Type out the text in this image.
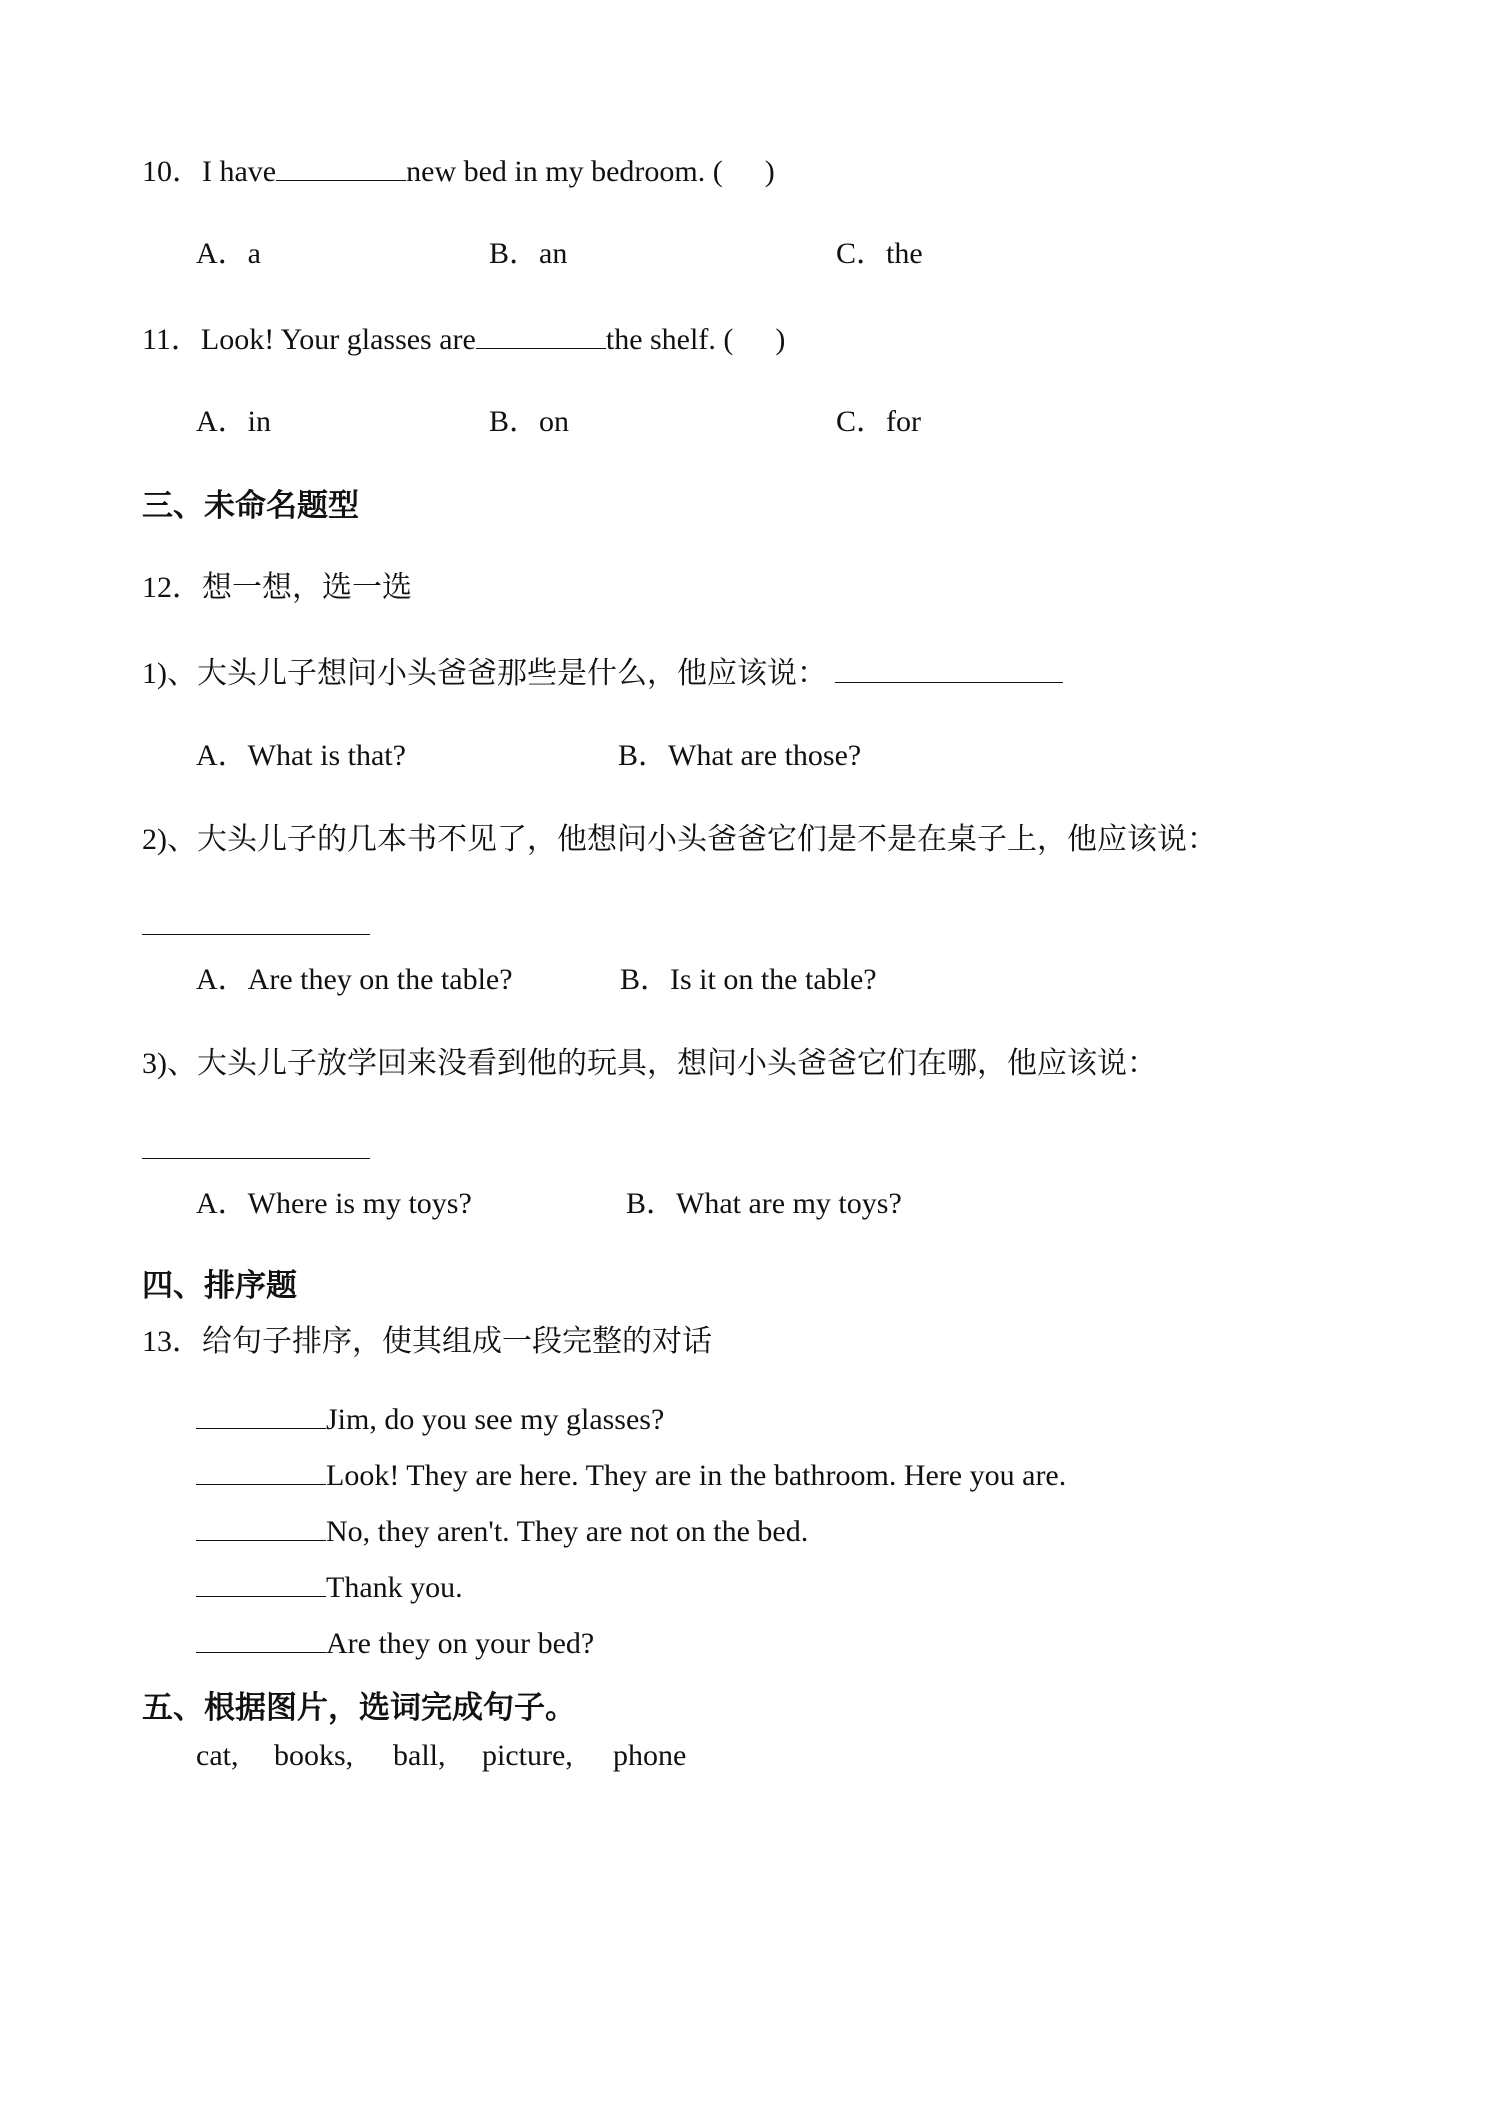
10．I have	new bed in my bedroom. ( )
A．a	B．an	C．the
11．Look! Your glasses are	the shelf. ( )
A．in	B．on	C．for
三、未命名题型
12．想一想，选一选
1)、大头儿子想问小头爸爸那些是什么，他应该说：
A．What is that?	B．What are those?
2)、大头儿子的几本书不见了，他想问小头爸爸它们是不是在桌子上，他应该说：
A．Are they on the table?	B．Is it on the table?
3)、大头儿子放学回来没看到他的玩具，想问小头爸爸它们在哪，他应该说：
A．Where is my toys?	B．What are my toys?
四、排序题
13．给句子排序，使其组成一段完整的对话
Jim, do you see my glasses?
Look! They are here. They are in the bathroom. Here you are.
No, they aren't. They are not on the bed.
Thank you.
Are they on your bed?
五、根据图片，选词完成句子。
cat, books, ball, picture, phone
